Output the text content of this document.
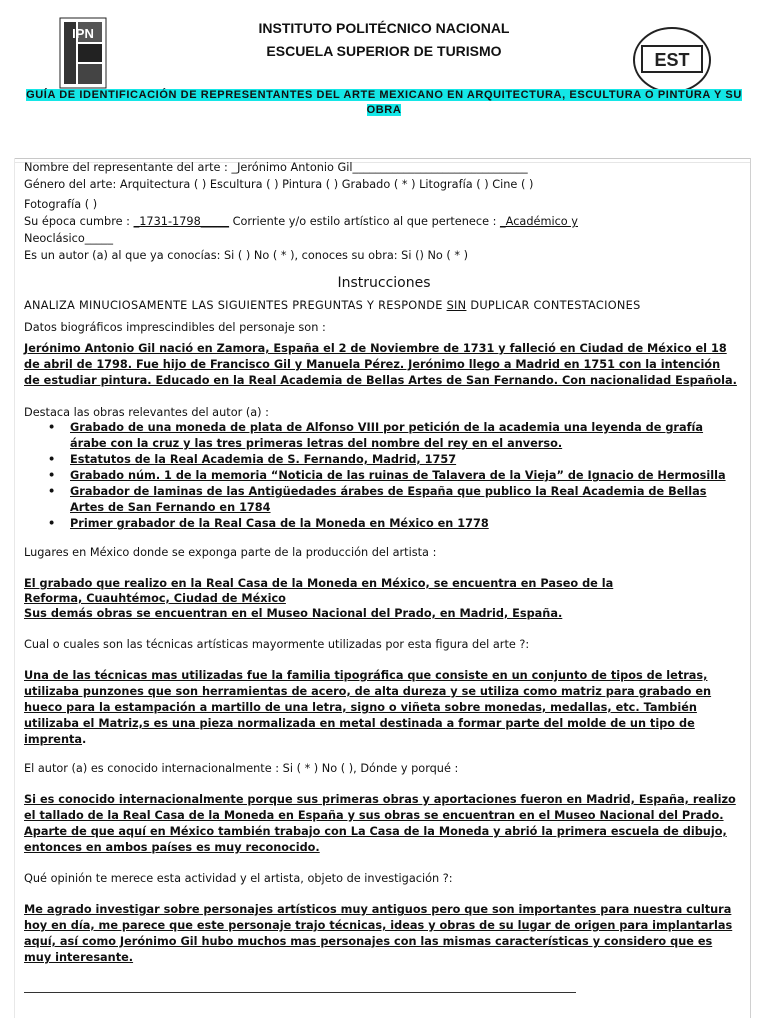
IPN
EST
INSTITUTO POLITÉCNICO NACIONAL
ESCUELA SUPERIOR DE TURISMO
GUÍA DE IDENTIFICACIÓN DE REPRESENTANTES DEL ARTE MEXICANO EN ARQUITECTURA, ESCULTURA O PINTURA Y SU OBRA
Nombre del representante del arte : _Jerónimo Antonio Gil_______________________________
Género del arte: Arquitectura ( ) Escultura ( ) Pintura ( ) Grabado ( * ) Litografía ( ) Cine ( )
Fotografía ( )
Su época cumbre : _1731-1798_____ Corriente y/o estilo artístico al que pertenece : _Académico y
Neoclásico_____
Es un autor (a) al que ya conocías: Si ( ) No ( * ), conoces su obra: Si () No ( * )
Instrucciones
ANALIZA MINUCIOSAMENTE LAS SIGUIENTES PREGUNTAS Y RESPONDE SIN DUPLICAR CONTESTACIONES
Datos biográficos imprescindibles del personaje son :
Jerónimo Antonio Gil nació en Zamora, España el 2 de Noviembre de 1731 y falleció en Ciudad de México el 18 de abril de 1798. Fue hijo de Francisco Gil y Manuela Pérez. Jerónimo llego a Madrid en 1751 con la intención de estudiar pintura. Educado en la Real Academia de Bellas Artes de San Fernando. Con nacionalidad Española.
Destaca las obras relevantes del autor (a) :
• Grabado de una moneda de plata de Alfonso VIII por petición de la academia una leyenda de grafía árabe con la cruz y las tres primeras letras del nombre del rey en el anverso.
• Estatutos de la Real Academia de S. Fernando, Madrid, 1757
• Grabado núm. 1 de la memoria “Noticia de las ruinas de Talavera de la Vieja” de Ignacio de Hermosilla
• Grabador de laminas de las Antigüedades árabes de España que publico la Real Academia de Bellas Artes de San Fernando en 1784
• Primer grabador de la Real Casa de la Moneda en México en 1778
Lugares en México donde se exponga parte de la producción del artista :
El grabado que realizo en la Real Casa de la Moneda en México, se encuentra en Paseo de la
Reforma, Cuauhtémoc, Ciudad de México
Sus demás obras se encuentran en el Museo Nacional del Prado, en Madrid, España.
Cual o cuales son las técnicas artísticas mayormente utilizadas por esta figura del arte ?:
Una de las técnicas mas utilizadas fue la familia tipográfica que consiste en un conjunto de tipos de letras, utilizaba punzones que son herramientas de acero, de alta dureza y se utiliza como matriz para grabado en hueco para la estampación a martillo de una letra, signo o viñeta sobre monedas, medallas, etc. También utilizaba el Matriz,s es una pieza normalizada en metal destinada a formar parte del molde de un tipo de imprenta.
El autor (a) es conocido internacionalmente : Si ( * ) No ( ), Dónde y porqué :
Si es conocido internacionalmente porque sus primeras obras y aportaciones fueron en Madrid, España, realizo el tallado de la Real Casa de la Moneda en España y sus obras se encuentran en el Museo Nacional del Prado. Aparte de que aquí en México también trabajo con La Casa de la Moneda y abrió la primera escuela de dibujo, entonces en ambos países es muy reconocido.
Qué opinión te merece esta actividad y el artista, objeto de investigación ?:
Me agrado investigar sobre personajes artísticos muy antiguos pero que son importantes para nuestra cultura hoy en día, me parece que este personaje trajo técnicas, ideas y obras de su lugar de origen para implantarlas aquí, así como Jerónimo Gil hubo muchos mas personajes con las mismas características y considero que es muy interesante.
